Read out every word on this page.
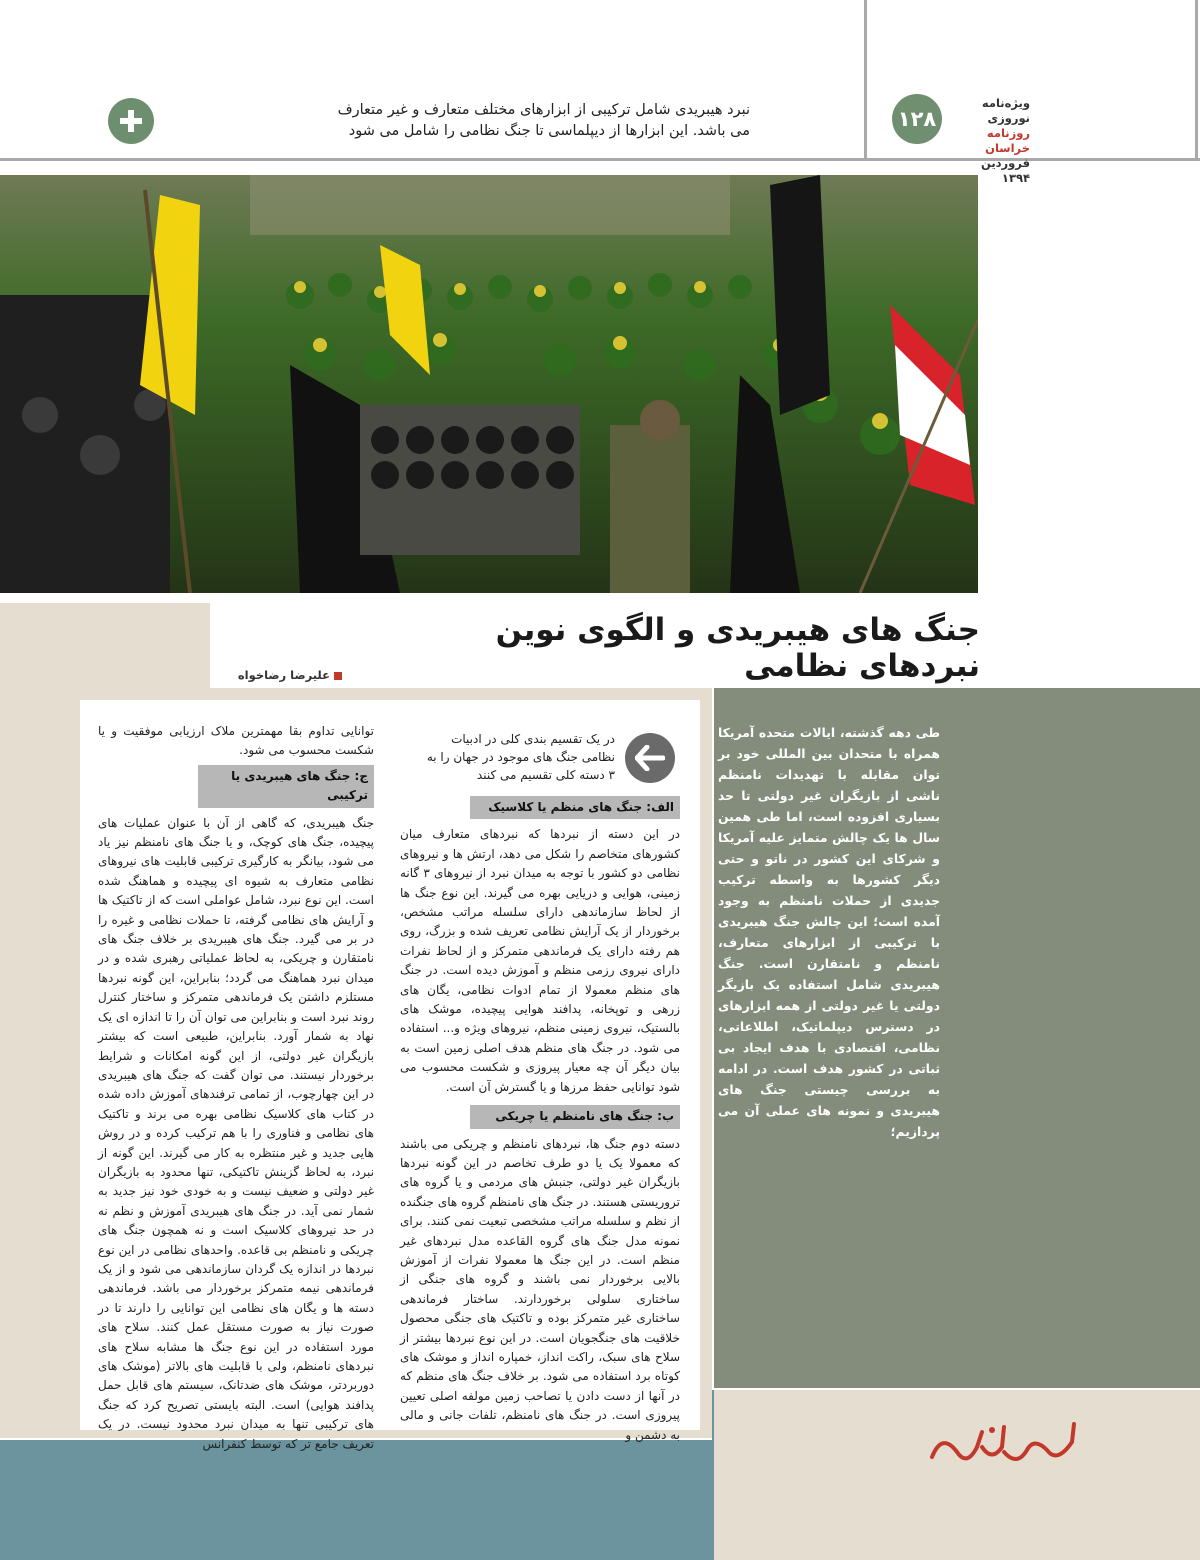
۱۲۸
ویژه‌نامه نوروزی
روزنامه خراسان
فروردین ۱۳۹۴
نبرد هیبریدی شامل ترکیبی از ابزارهای مختلف متعارف و غیر متعارف
می باشد. این ابزارها از دیپلماسی تا جنگ نظامی را شامل می شود
جنگ های هیبریدی و الگوی نوین نبردهای نظامی
علیرضا رضاخواه
طی دهه گذشته، ایالات متحده آمریکا همراه با متحدان بین المللی خود بر توان مقابله با تهدیدات نامنظم ناشی از بازیگران غیر دولتی تا حد بسیاری افزوده است، اما طی همین سال ها یک چالش متمایز علیه آمریکا و شرکای این کشور در ناتو و حتی دیگر کشورها به واسطه ترکیب جدیدی از حملات نامنظم به وجود آمده است؛ این چالش جنگ هیبریدی با ترکیبی از ابزارهای متعارف، نامنظم و نامتقارن است. جنگ هیبریدی شامل استفاده یک بازیگر دولتی یا غیر دولتی از همه ابزارهای در دسترس دیپلماتیک، اطلاعاتی، نظامی، اقتصادی با هدف ایجاد بی ثباتی در کشور هدف است. در ادامه به بررسی چیستی جنگ های هیبریدی و نمونه های عملی آن می پردازیم؛
در یک تقسیم بندی کلی در ادبیات نظامی جنگ های موجود در جهان را به ۳ دسته کلی تقسیم می کنند
الف: جنگ های منظم یا کلاسیک

در این دسته از نبردها که نبردهای متعارف میان کشورهای متخاصم را شکل می دهد، ارتش ها و نیروهای نظامی دو کشور با توجه به میدان نبرد از نیروهای ۳ گانه زمینی، هوایی و دریایی بهره می گیرند. این نوع جنگ ها از لحاظ سازماندهی دارای سلسله مراتب مشخص، برخوردار از یک آرایش نظامی تعریف شده و بزرگ، روی هم رفته دارای یک فرماندهی متمرکز و از لحاظ نفرات دارای نیروی رزمی منظم و آموزش دیده است. در جنگ های منظم معمولا از تمام ادوات نظامی، یگان های زرهی و توپخانه، پدافند هوایی پیچیده، موشک های بالستیک، نیروی زمینی منظم، نیروهای ویژه و... استفاده می شود. در جنگ های منظم هدف اصلی زمین است به بیان دیگر آن چه معیار پیروزی و شکست محسوب می شود توانایی حفظ مرزها و یا گسترش آن است.

ب: جنگ های نامنظم یا چریکی

دسته دوم جنگ ها، نبردهای نامنظم و چریکی می باشند که معمولا یک یا دو طرف تخاصم در این گونه نبردها بازیگران غیر دولتی، جنبش های مردمی و یا گروه های تروریستی هستند. در جنگ های نامنظم گروه های جنگنده از نظم و سلسله مراتب مشخصی تبعیت نمی کنند. برای نمونه مدل جنگ های گروه القاعده مدل نبردهای غیر منظم است. در این جنگ ها معمولا نفرات از آموزش بالایی برخوردار نمی باشند و گروه های جنگی از ساختاری سلولی برخوردارند. ساختار فرماندهی ساختاری غیر متمرکز بوده و تاکتیک های جنگی محصول خلاقیت های جنگجویان است. در این نوع نبردها بیشتر از سلاح های سبک، راکت انداز، خمپاره انداز و موشک های کوتاه برد استفاده می شود. بر خلاف جنگ های منظم که در آنها از دست دادن یا تصاحب زمین مولفه اصلی تعیین پیروزی است. در جنگ های نامنظم، تلفات جانی و مالی به دشمن و

توانایی تداوم بقا مهمترین ملاک ارزیابی موفقیت و یا شکست محسوب می شود.

ج: جنگ های هیبریدی یا ترکیبی

جنگ هیبریدی، که گاهی از آن با عنوان عملیات های پیچیده، جنگ های کوچک، و یا جنگ های نامنظم نیز یاد می شود، بیانگر به کارگیری ترکیبی قابلیت های نیروهای نظامی متعارف به شیوه ای پیچیده و هماهنگ شده است. این نوع نبرد، شامل عواملی است که از تاکتیک ها و آرایش های نظامی گرفته، تا حملات نظامی و غیره را در بر می گیرد. جنگ های هیبریدی بر خلاف جنگ های نامتقارن و چریکی، به لحاظ عملیاتی رهبری شده و در میدان نبرد هماهنگ می گردد؛ بنابراین، این گونه نبردها مستلزم داشتن یک فرماندهی متمرکز و ساختار کنترل روند نبرد است و بنابراین می توان آن را تا اندازه ای یک نهاد به شمار آورد. بنابراین، طبیعی است که بیشتر بازیگران غیر دولتی، از این گونه امکانات و شرایط برخوردار نیستند. می توان گفت که جنگ های هیبریدی در این چهارچوب، از تمامی ترفندهای آموزش داده شده در کتاب های کلاسیک نظامی بهره می برند و تاکتیک های نظامی و فناوری را با هم ترکیب کرده و در روش هایی جدید و غیر منتظره به کار می گیرند. این گونه از نبرد، به لحاظ گزینش تاکتیکی، تنها محدود به بازیگران غیر دولتی و ضعیف نیست و به خودی خود نیز جدید به شمار نمی آید. در جنگ های هیبریدی آموزش و نظم نه در حد نیروهای کلاسیک است و نه همچون جنگ های چریکی و نامنظم بی قاعده. واحدهای نظامی در این نوع نبردها در اندازه یک گردان سازماندهی می شود و از یک فرماندهی نیمه متمرکز برخوردار می باشد. فرماندهی دسته ها و یگان های نظامی این توانایی را دارند تا در صورت نیاز به صورت مستقل عمل کنند. سلاح های مورد استفاده در این نوع جنگ ها مشابه سلاح های نبردهای نامنظم، ولی با قابلیت های بالاتر (موشک های دوربردتر، موشک های ضدتانک، سیستم های قابل حمل پدافند هوایی) است. البته بایستی تصریح کرد که جنگ های ترکیبی تنها به میدان نبرد محدود نیست. در یک تعریف جامع تر که توسط کنفرانس
